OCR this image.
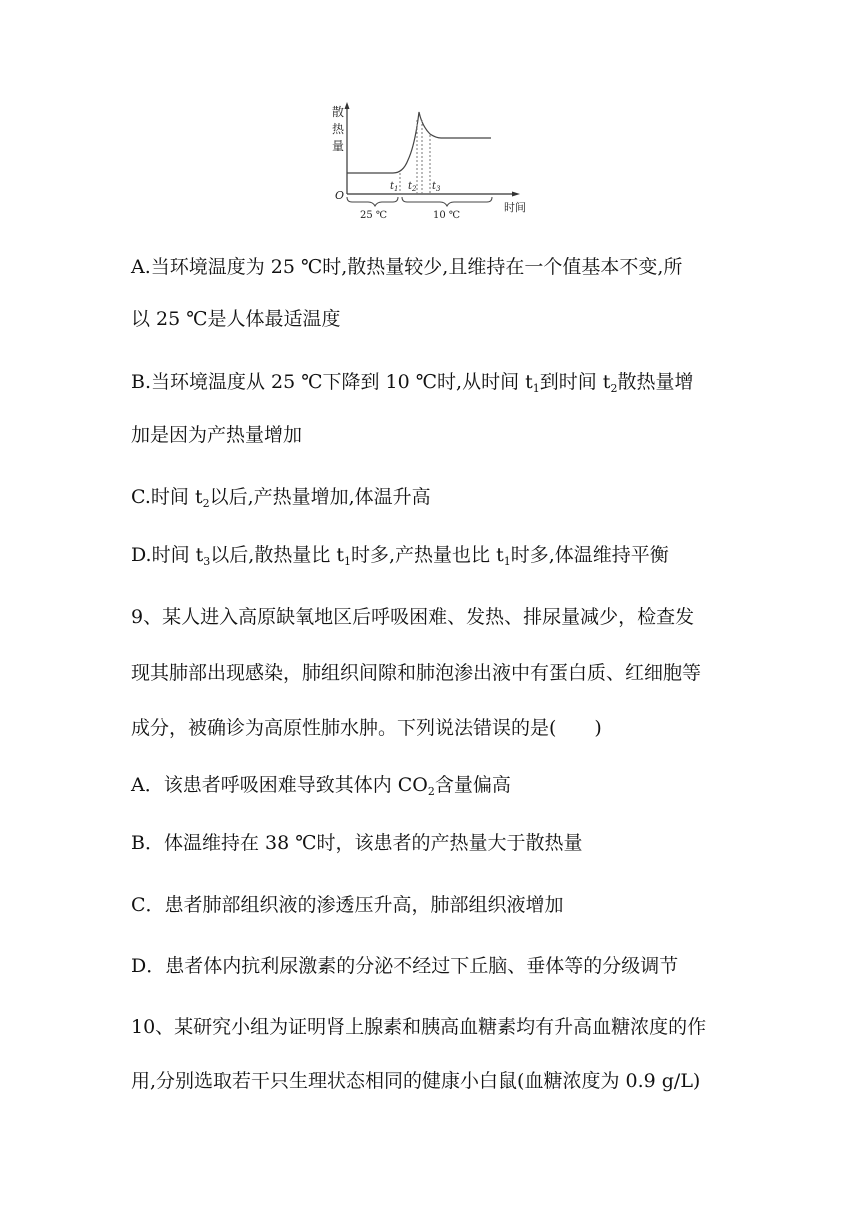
散
热
量
O
时间
$t_1$ $t_2$ $t_3$
25 ℃	10 ℃
A.当环境温度为 25 ℃时,散热量较少,且维持在一个值基本不变,所
以 25 ℃是人体最适温度
B.当环境温度从 25 ℃下降到 10 ℃时,从时间 $t_1$到时间 $t_2$散热量增
加是因为产热量增加
C.时间 $t_2$以后,产热量增加,体温升高
D.时间 $t_3$以后,散热量比 $t_1$时多,产热量也比 $t_1$时多,体温维持平衡
9、某人进入高原缺氧地区后呼吸困难、发热、排尿量减少，检查发
现其肺部出现感染，肺组织间隙和肺泡渗出液中有蛋白质、红细胞等
成分，被确诊为高原性肺水肿。下列说法错误的是(　　)
A．该患者呼吸困难导致其体内 $CO_2$含量偏高
B．体温维持在 38 ℃时，该患者的产热量大于散热量
C．患者肺部组织液的渗透压升高，肺部组织液增加
D．患者体内抗利尿激素的分泌不经过下丘脑、垂体等的分级调节
10、某研究小组为证明肾上腺素和胰高血糖素均有升高血糖浓度的作
用,分别选取若干只生理状态相同的健康小白鼠(血糖浓度为 0.9 g/L)
